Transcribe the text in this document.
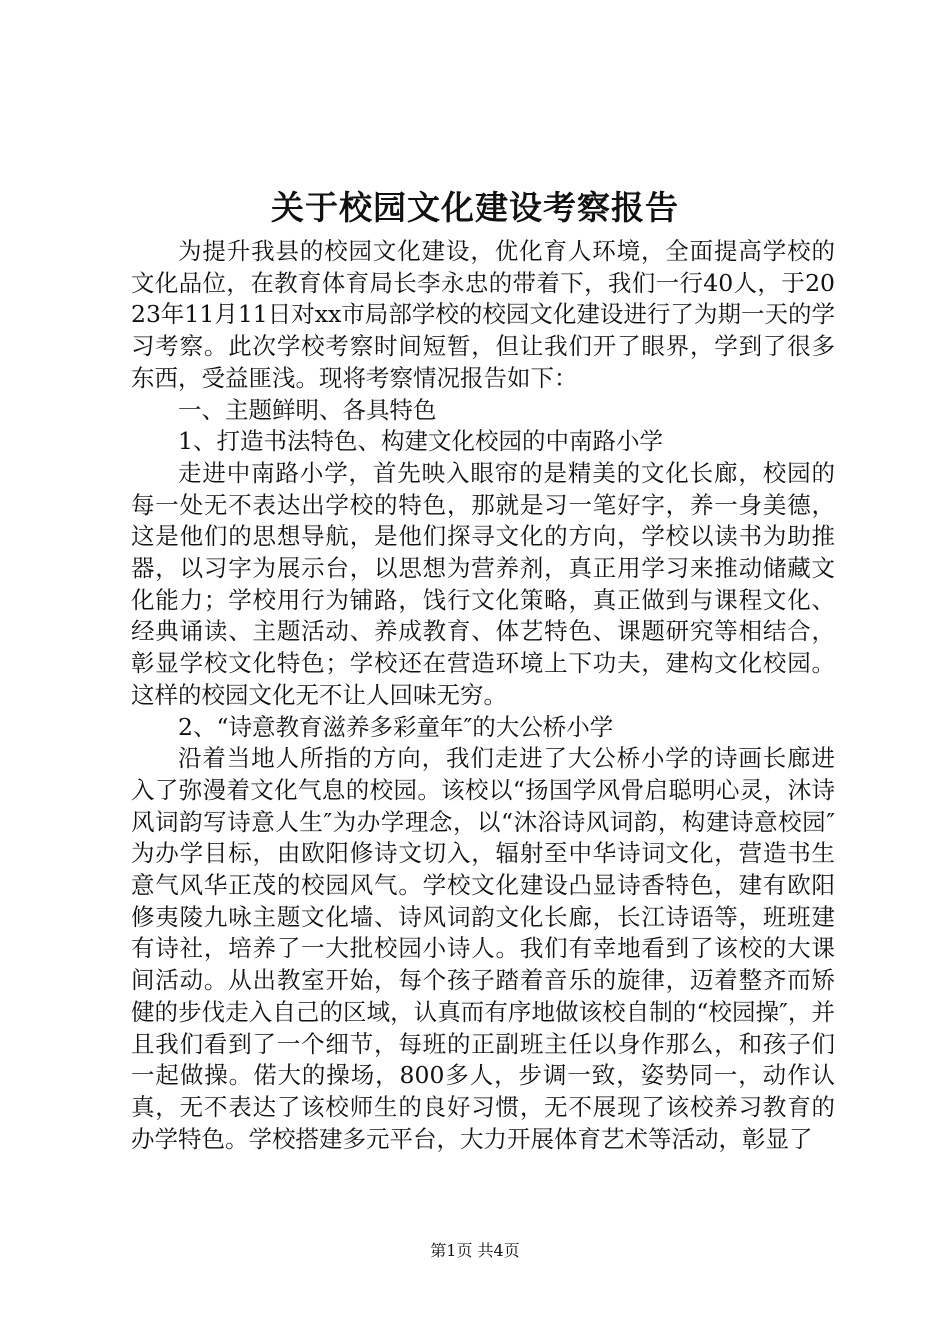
关于校园文化建设考察报告

为提升我县的校园文化建设，优化育人环境，全面提高学校的文化品位，在教育体育局长李永忠的带着下，我们一行40人，于2023年11月11日对xx市局部学校的校园文化建设进行了为期一天的学习考察。此次学校考察时间短暂，但让我们开了眼界，学到了很多东西，受益匪浅。现将考察情况报告如下：

一、主题鲜明、各具特色

1、打造书法特色、构建文化校园的中南路小学

走进中南路小学，首先映入眼帘的是精美的文化长廊，校园的每一处无不表达出学校的特色，那就是习一笔好字，养一身美德，这是他们的思想导航，是他们探寻文化的方向，学校以读书为助推器，以习字为展示台，以思想为营养剂，真正用学习来推动储藏文化能力；学校用行为铺路，饯行文化策略，真正做到与课程文化、经典诵读、主题活动、养成教育、体艺特色、课题研究等相结合，彰显学校文化特色；学校还在营造环境上下功夫，建构文化校园。这样的校园文化无不让人回味无穷。

2、“诗意教育滋养多彩童年″的大公桥小学

沿着当地人所指的方向，我们走进了大公桥小学的诗画长廊进入了弥漫着文化气息的校园。该校以“扬国学风骨启聪明心灵，沐诗风词韵写诗意人生″为办学理念，以“沐浴诗风词韵，构建诗意校园″为办学目标，由欧阳修诗文切入，辐射至中华诗词文化，营造书生意气风华正茂的校园风气。学校文化建设凸显诗香特色，建有欧阳修夷陵九咏主题文化墙、诗风词韵文化长廊，长江诗语等，班班建有诗社，培养了一大批校园小诗人。我们有幸地看到了该校的大课间活动。从出教室开始，每个孩子踏着音乐的旋律，迈着整齐而矫健的步伐走入自己的区域，认真而有序地做该校自制的“校园操″，并且我们看到了一个细节，每班的正副班主任以身作那么，和孩子们一起做操。偌大的操场，800多人，步调一致，姿势同一，动作认真，无不表达了该校师生的良好习惯，无不展现了该校养习教育的办学特色。学校搭建多元平台，大力开展体育艺术等活动，彰显了

第1页 共4页
